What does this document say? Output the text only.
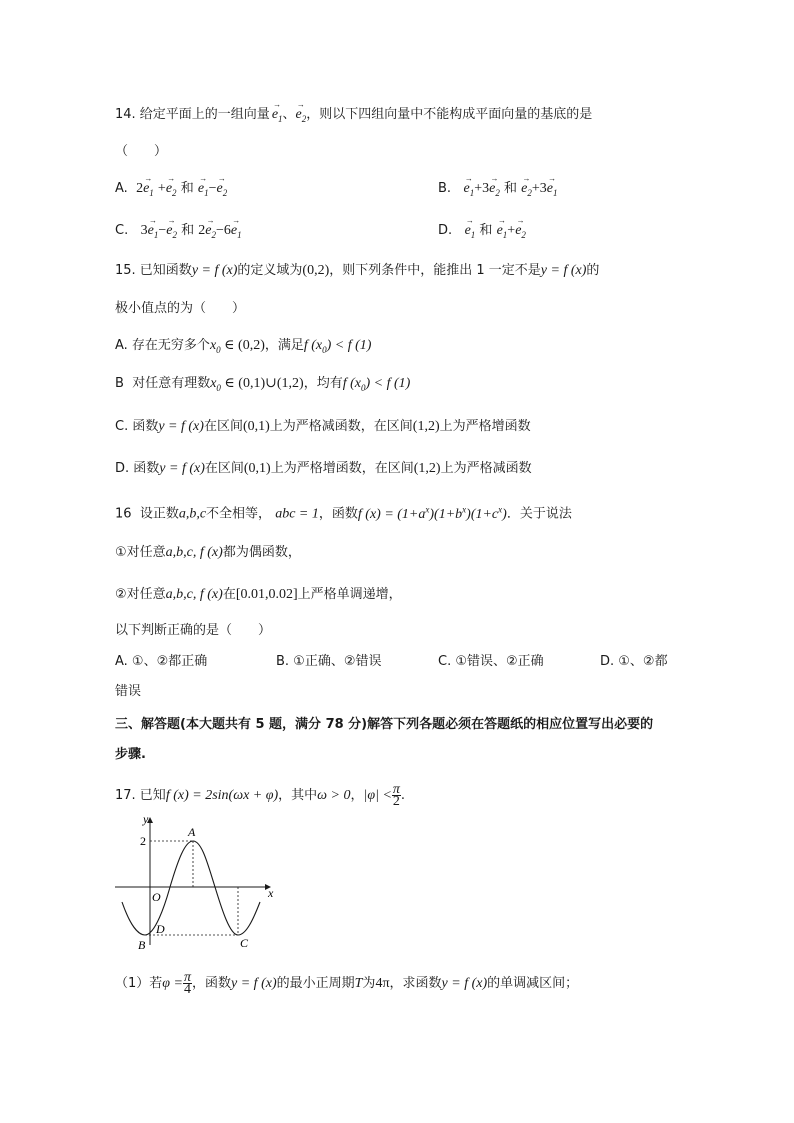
14. 给定平面上的一组向量 → $e_1$、→ $e_2$，则以下四组向量中不能构成平面向量的基底的是
（　　）
A. $2\to e_1 +\to e_2$ 和 → $e_1-\to e_2$	B. → $e_1+3\to e_2$ 和 → $e_2+3\to e_1$
C. $3\to e_1-\to e_2$ 和 $2\to e_2-6\to e_1$	D. → $e_1$ 和 → $e_1+\to e_2$
15. 已知函数y = f (x)的定义域为(0,2)，则下列条件中，能推出 1 一定不是y = f (x)的
极小值点的为（　　）
A. 存在无穷多个$x_0$ ∈ (0,2)，满足f $(x_0) < f$ (1)
B 对任意有理数$x_0$ ∈ (0,1)∪(1,2)，均有f $(x_0) < f$ (1)
C. 函数y = f (x)在区间(0,1)上为严格减函数，在区间(1,2)上为严格增函数
D. 函数y = f (x)在区间(0,1)上为严格增函数，在区间(1,2)上为严格减函数
16 设正数a,b,c不全相等， abc = 1，函数f $(x) = (1+a^x)(1+b^x)(1+c^x)$．关于说法
①对任意a,b,c, f (x)都为偶函数，
②对任意a,b,c, f (x)在[0.01,0.02]上严格单调递增，
以下判断正确的是（　　）
A. ①、②都正确	B. ①正确、②错误	C. ①错误、②正确	D. ①、②都
错误
三、解答题(本大题共有 5 题，满分 78 分)解答下列各题必须在答题纸的相应位置写出必要的
步骤.
17. 已知f (x) = 2sin(ωx + φ)，其中ω > 0，$|\varphi| < \frac{\pi}{2}$ .
y
x
2
A
O
D
B	C
（1）若$\varphi = \frac{\pi}{4}$ ，函数y = f (x)的最小正周期T为4π，求函数y = f (x)的单调减区间；
